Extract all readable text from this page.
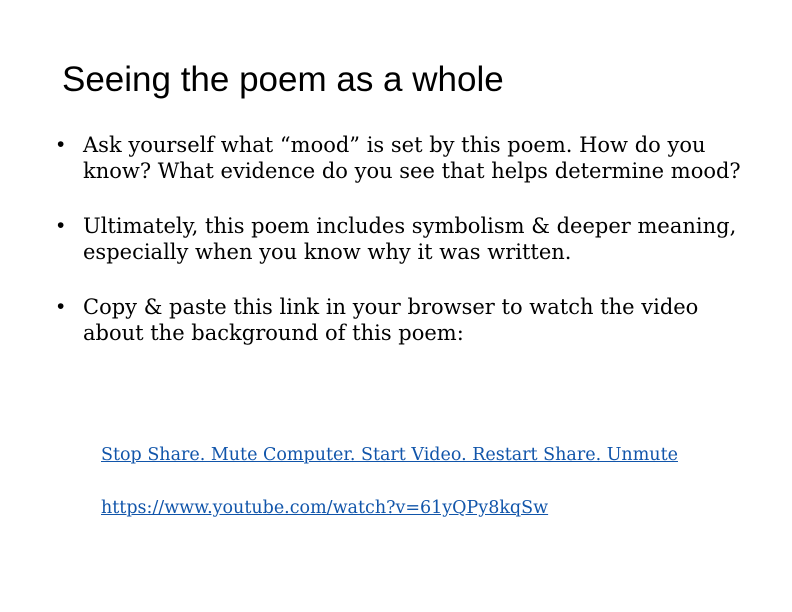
Seeing the poem as a whole
• Ask yourself what “mood” is set by this poem. How do you know? What evidence do you see that helps determine mood?
• Ultimately, this poem includes symbolism & deeper meaning, especially when you know why it was written.
• Copy & paste this link in your browser to watch the video about the background of this poem:
Stop Share. Mute Computer. Start Video. Restart Share. Unmute
https://www.youtube.com/watch?v=61yQPy8kqSw
